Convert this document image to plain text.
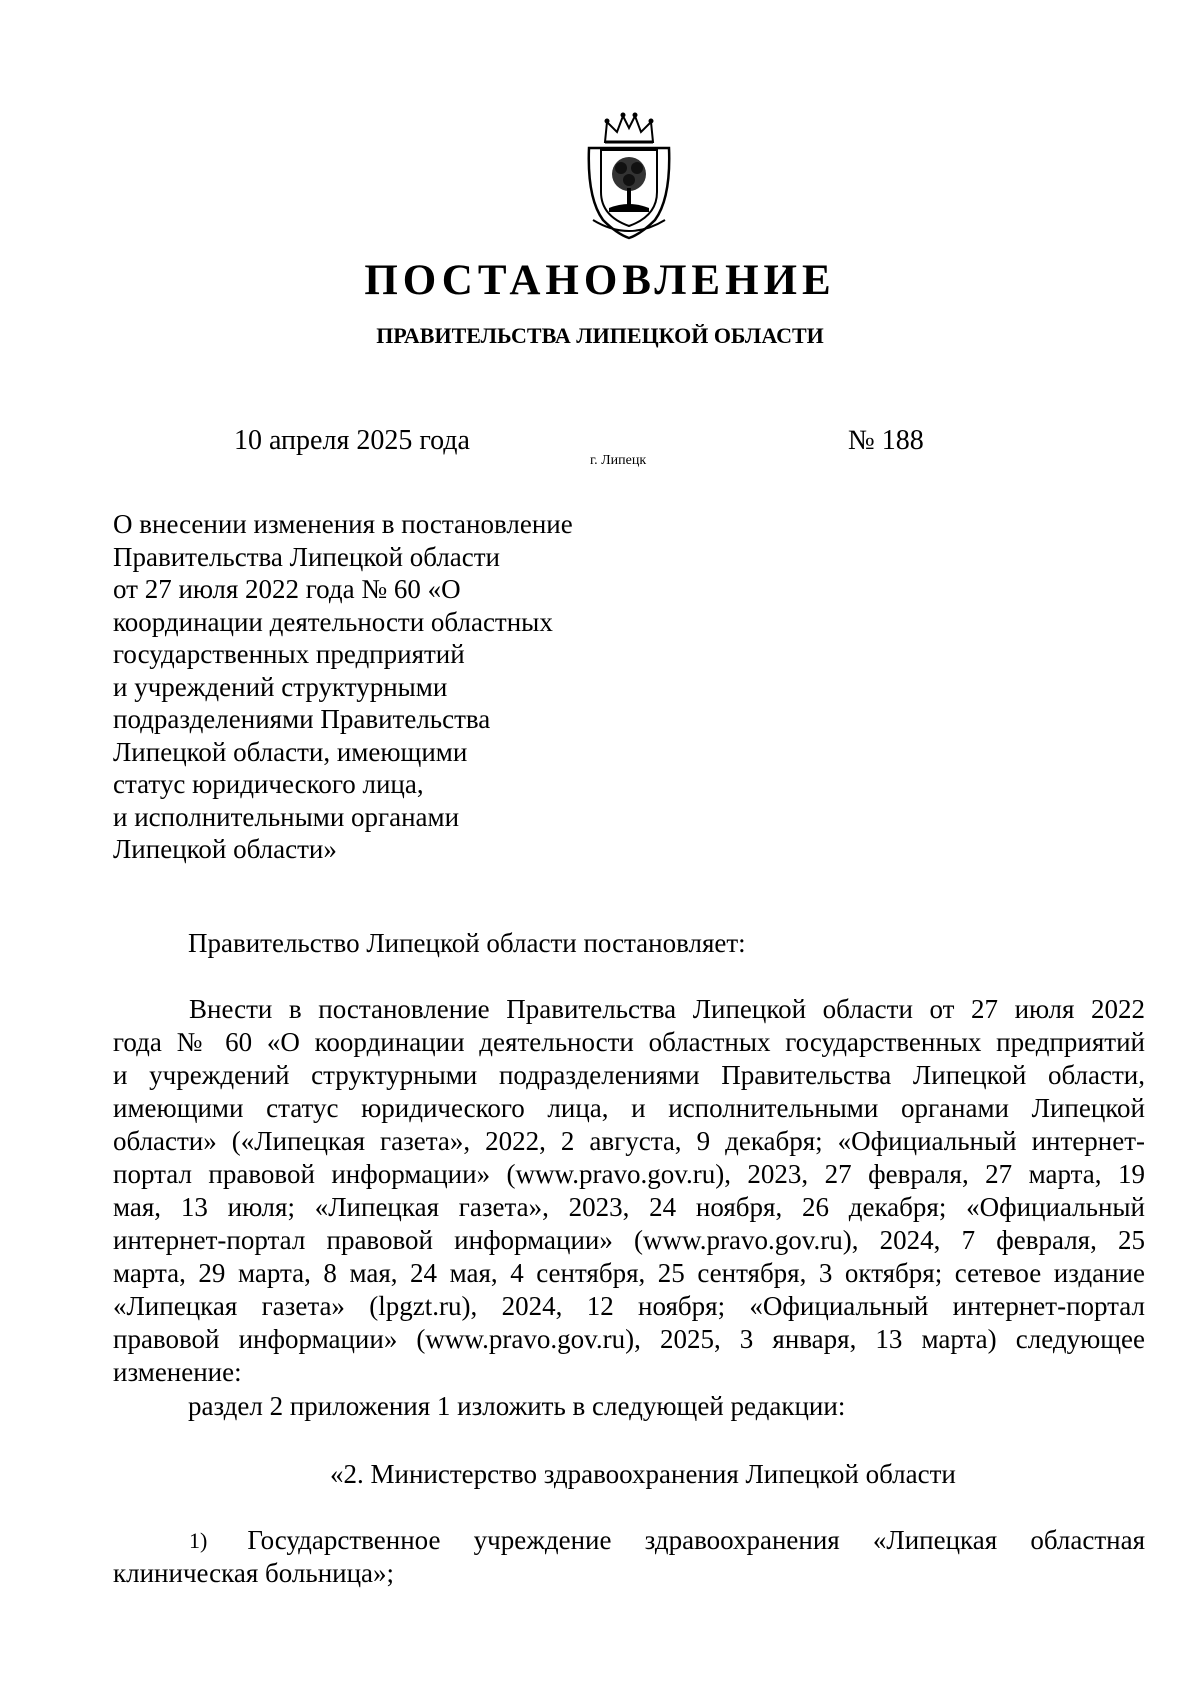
ПОСТАНОВЛЕНИЕ
ПРАВИТЕЛЬСТВА ЛИПЕЦКОЙ ОБЛАСТИ
10 апреля 2025 года
г. Липецк
№ 188
О внесении изменения в постановление
Правительства Липецкой области
от 27 июля 2022 года № 60 «О
координации деятельности областных
государственных предприятий
и учреждений структурными
подразделениями Правительства
Липецкой области, имеющими
статус юридического лица,
и исполнительными органами
Липецкой области»
Правительство Липецкой области постановляет:
Внести в постановление Правительства Липецкой области от 27 июля 2022
года № 60 «О координации деятельности областных государственных предприятий
и учреждений структурными подразделениями Правительства Липецкой области,
имеющими статус юридического лица, и исполнительными органами Липецкой
области» («Липецкая газета», 2022, 2 августа, 9 декабря; «Официальный интернет-
портал правовой информации» (www.pravo.gov.ru), 2023, 27 февраля, 27 марта, 19
мая, 13 июля; «Липецкая газета», 2023, 24 ноября, 26 декабря; «Официальный
интернет-портал правовой информации» (www.pravo.gov.ru), 2024, 7 февраля, 25
марта, 29 марта, 8 мая, 24 мая, 4 сентября, 25 сентября, 3 октября; сетевое издание
«Липецкая газета» (lpgzt.ru), 2024, 12 ноября; «Официальный интернет-портал
правовой информации» (www.pravo.gov.ru), 2025, 3 января, 13 марта) следующее
изменение:
раздел 2 приложения 1 изложить в следующей редакции:
«2. Министерство здравоохранения Липецкой области
1) Государственное учреждение здравоохранения «Липецкая областная
клиническая больница»;
